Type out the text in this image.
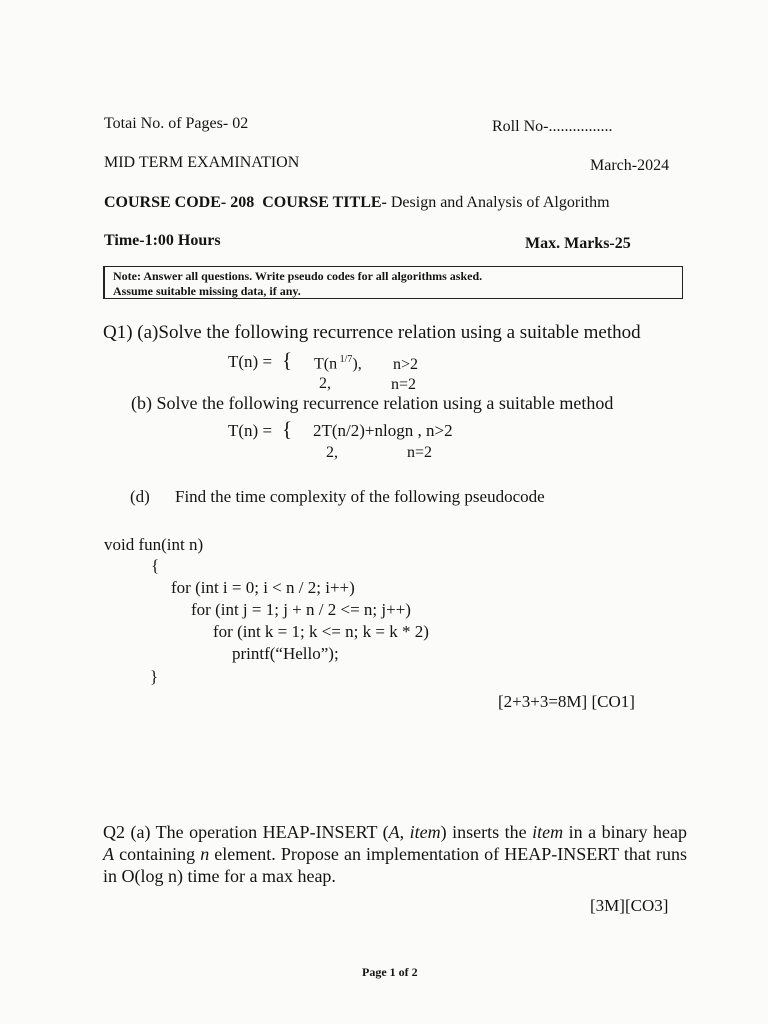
Totai No. of Pages- 02	Roll No-................
MID TERM EXAMINATION	March-2024
COURSE CODE- 208 COURSE TITLE- Design and Analysis of Algorithm
Time-1:00 Hours	Max. Marks-25
Note: Answer all questions. Write pseudo codes for all algorithms asked.
Assume suitable missing data, if any.
Q1) (a)Solve the following recurrence relation using a suitable method
T(n) = { T(n $^{1/7}$), n>2
2,	n=2
(b) Solve the following recurrence relation using a suitable method
T(n) = { 2T(n/2)+nlogn , n>2
2,	n=2
(d) Find the time complexity of the following pseudocode
void fun(int n)
{
for (int i = 0; i < n / 2; i++)
for (int j = 1; j + n / 2 <= n; j++)
for (int k = 1; k <= n; k = k * 2)
printf(“Hello”);
}
[2+3+3=8M] [CO1]
Q2 (a) The operation HEAP-INSERT (A, item) inserts the item in a binary heap A containing n element. Propose an implementation of HEAP-INSERT that runs in O(log n) time for a max heap.
[3M][CO3]
Page 1 of 2
